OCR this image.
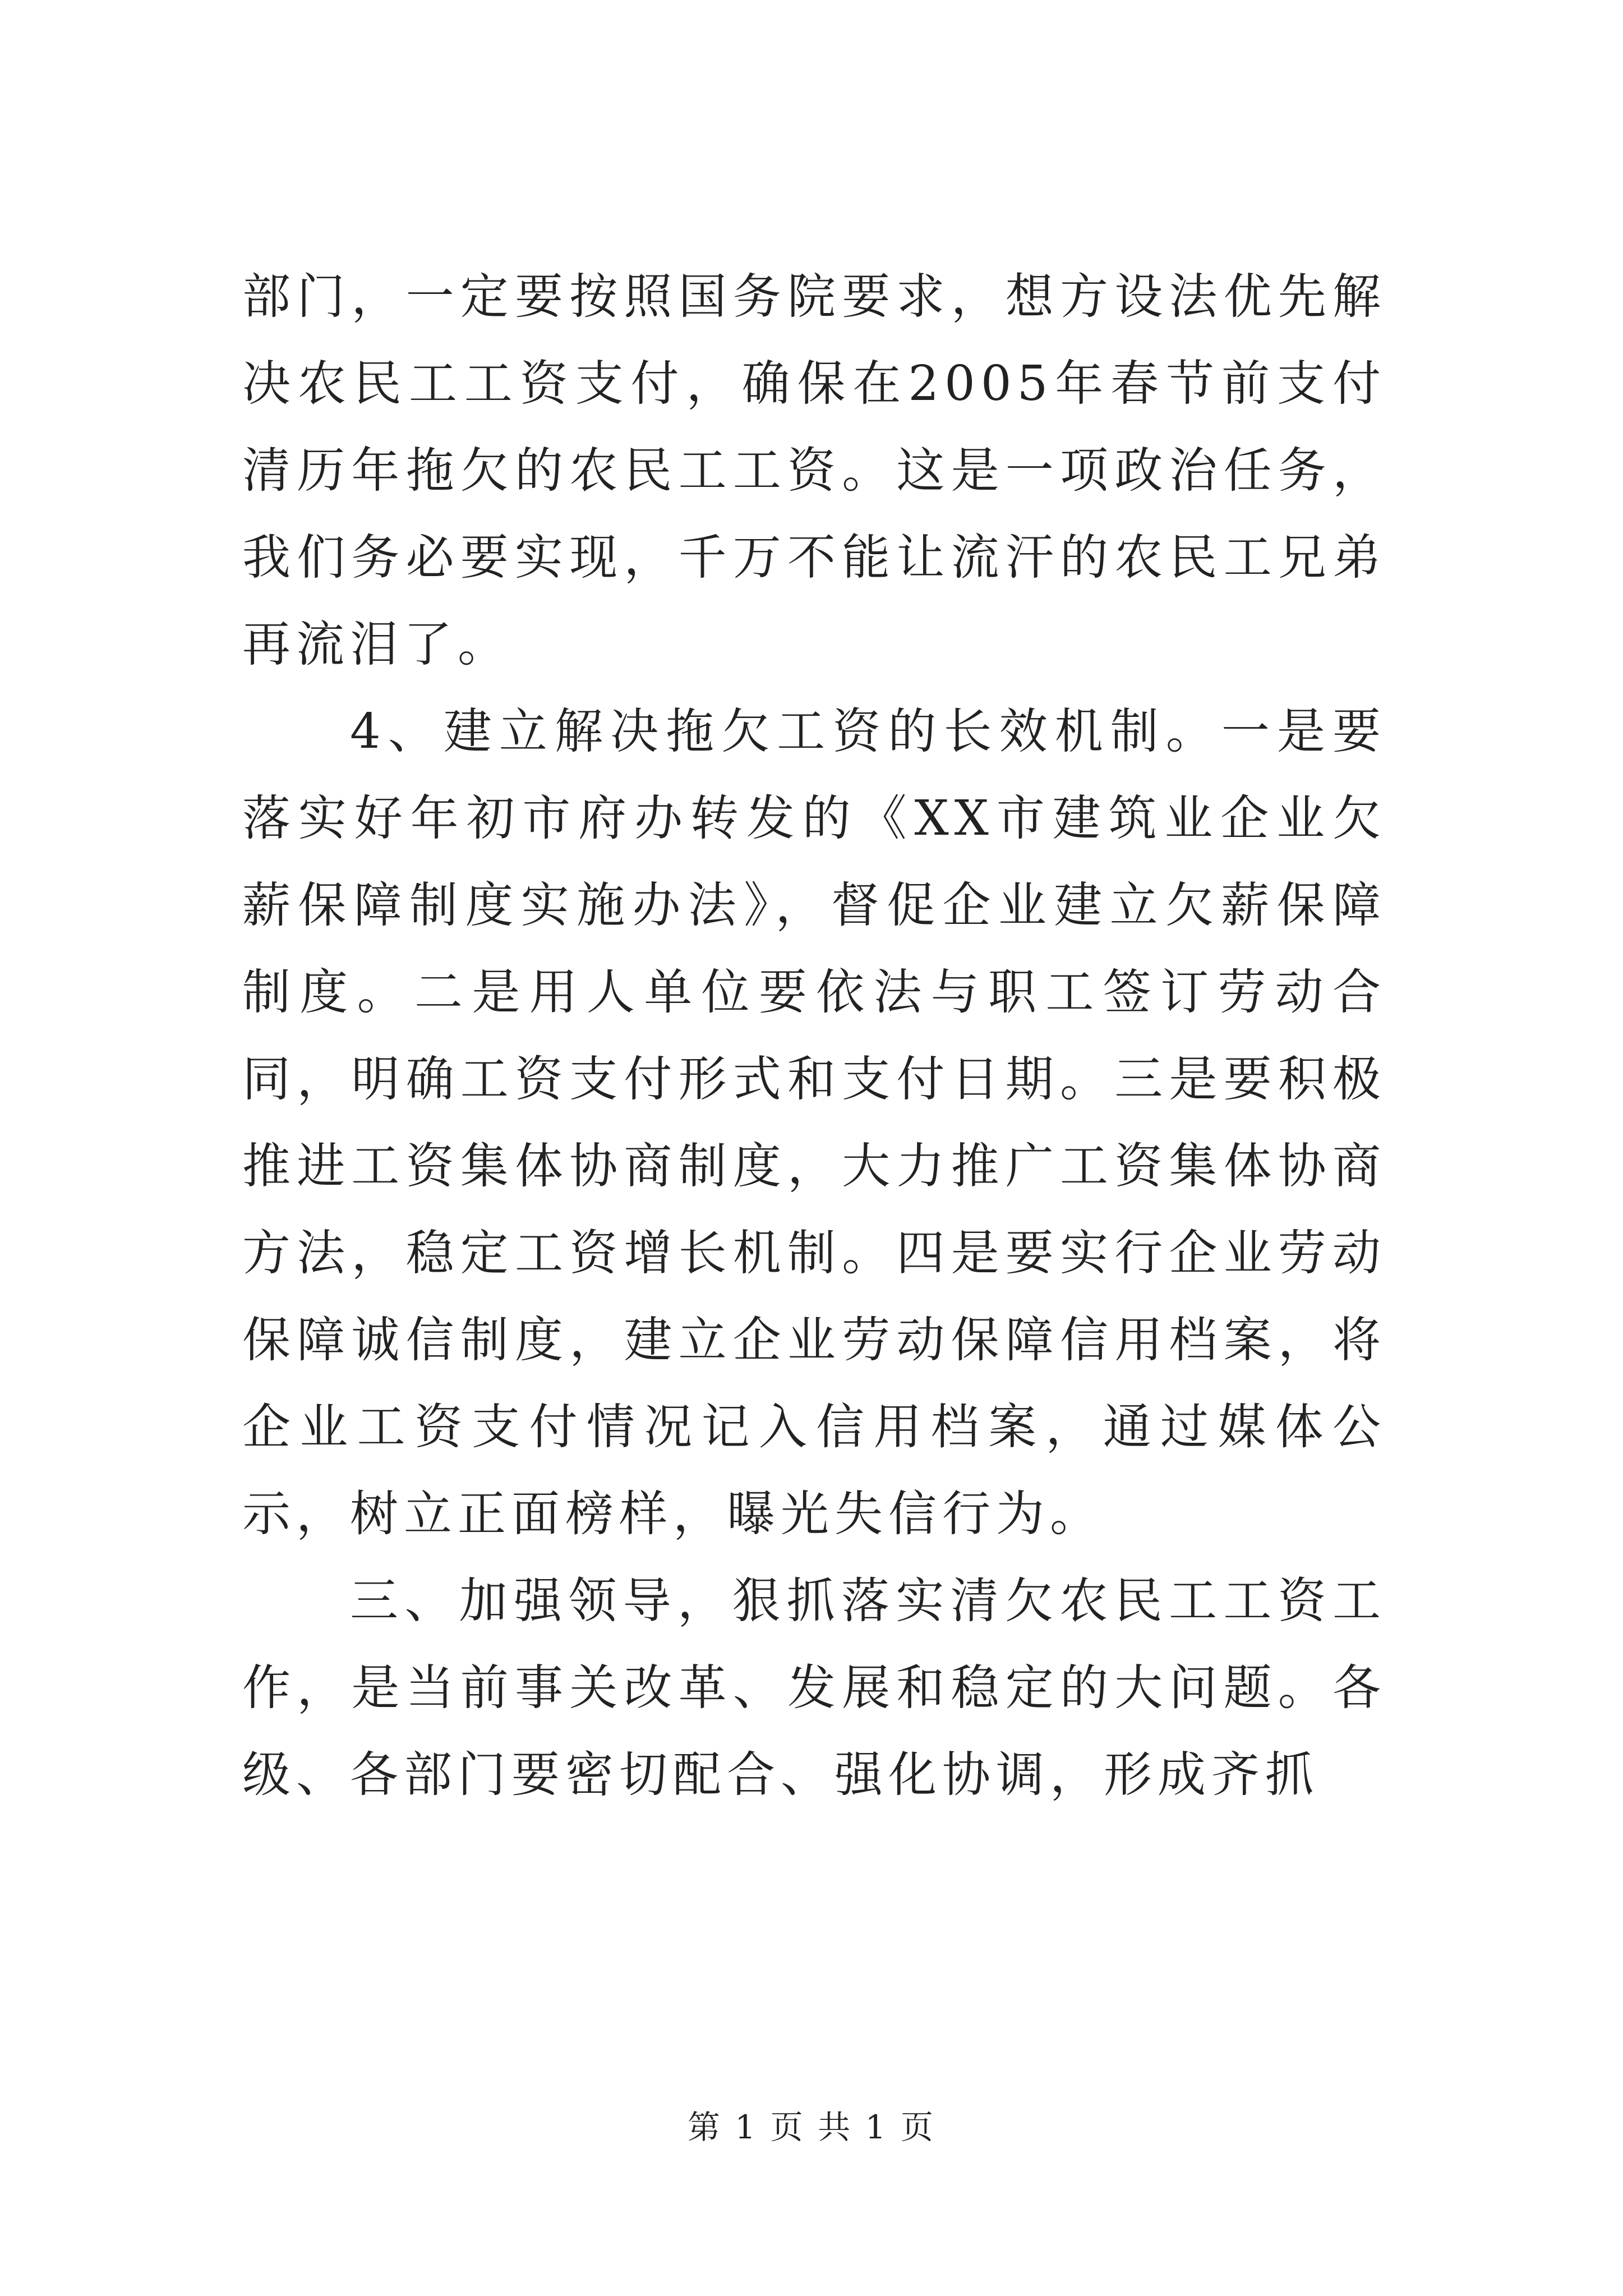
部门，一定要按照国务院要求，想方设法优先解决农民工工资支付，确保在2005年春节前支付清历年拖欠的农民工工资。这是一项政治任务，我们务必要实现，千万不能让流汗的农民工兄弟再流泪了。

4、建立解决拖欠工资的长效机制。一是要落实好年初市府办转发的《XX市建筑业企业欠薪保障制度实施办法》，督促企业建立欠薪保障制度。二是用人单位要依法与职工签订劳动合同，明确工资支付形式和支付日期。三是要积极推进工资集体协商制度，大力推广工资集体协商方法，稳定工资增长机制。四是要实行企业劳动保障诚信制度，建立企业劳动保障信用档案，将企业工资支付情况记入信用档案，通过媒体公示，树立正面榜样，曝光失信行为。

三、加强领导，狠抓落实清欠农民工工资工作，是当前事关改革、发展和稳定的大问题。各级、各部门要密切配合、强化协调，形成齐抓

第 1 页 共 1 页
